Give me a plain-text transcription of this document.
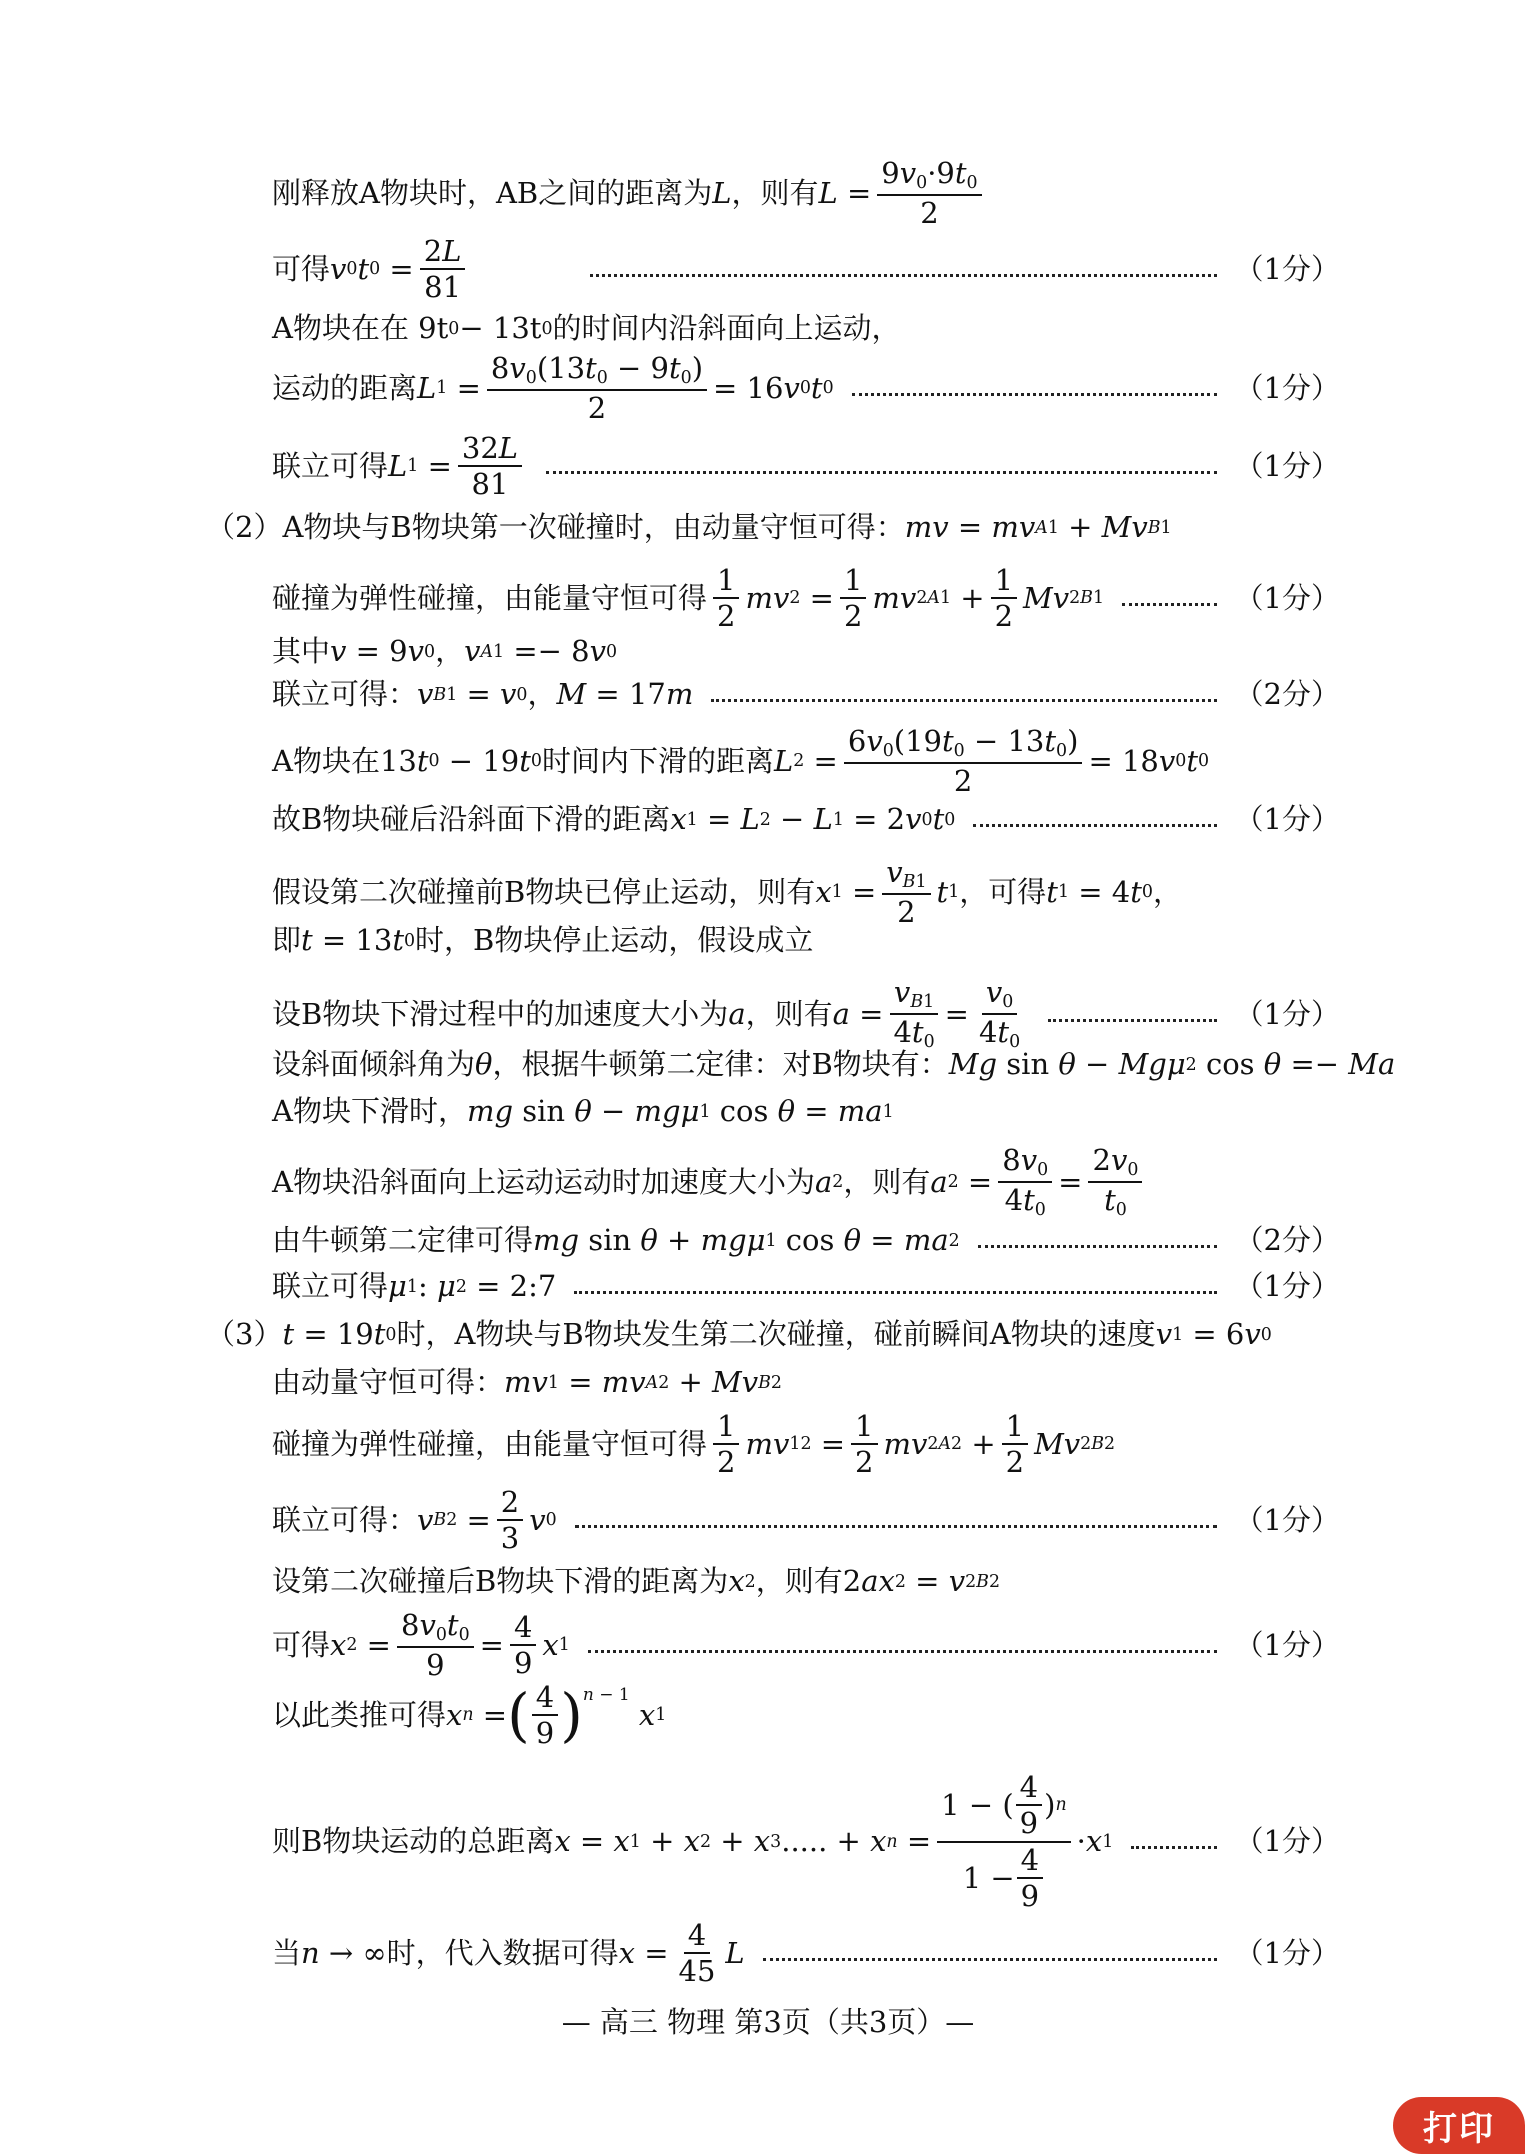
刚释放A物块时，AB之间的距离为 L ，则有 $L = \frac{9v_0\cdot 9t_0}{2}$
可得 v 0 t $0 = \frac{2L}{81}$	（1分）
A物块在在 9t 0 − 13t 0 的时间内沿斜面向上运动，
运动的距离 L $1 = \frac{8v_0(13t_0 - 9t_0)}{2} = 16$ v 0 t 0	（1分）
联立可得 L $1 = \frac{32L}{81}$	（1分）
（2） A物块与B物块第一次碰撞时，由动量守恒可得： mv = mv A1 + Mv B1
碰撞为弹性碰撞，由能量守恒可得 $\frac{1}{2}$ mv $2 = \frac{1}{2}$ mv 2 $A1 + \frac{1}{2}$ Mv 2 B1	（1分）
其中 v = 9 v 0 ， v A1 =− 8 v 0
联立可得： v B1 = v 0 ， M = 17 m	（2分）
A物块在 13 t 0 − 19 t 0 时间内下滑的距离 L $2 = \frac{6v_0(19t_0 - 13t_0)}{2} = 18$ v 0 t 0
故B物块碰后沿斜面下滑的距离 x 1 = L 2 − L 1 = 2 v 0 t 0	（1分）
假设第二次碰撞前B物块已停止运动，则有 x $1 = \frac{v_{B1}}{2}$ t 1 ，可得 t 1 = 4 t 0 ，
即 t = 13 t 0 时，B物块停止运动，假设成立
设B物块下滑过程中的加速度大小为 a ，则有 $a = \frac{v_{B1}}{4t_0} = \frac{v_0}{4t_0}$	（1分）
设斜面倾斜角为 θ ，根据牛顿第二定律：对B物块有： Mg sin θ − Mgμ 2 cos θ =− Ma
A物块下滑时， mg sin θ − mgμ 1 cos θ = ma 1
A物块沿斜面向上运动运动时加速度大小为 a 2 ，则有 a $2 = \frac{8v_0}{4t_0} = \frac{2v_0}{t_0}$
由牛顿第二定律可得 mg sin θ + mgμ 1 cos θ = ma 2	（2分）
联立可得 μ 1 : μ 2 = 2:7	（1分）
（3） t = 19 t 0 时，A物块与B物块发生第二次碰撞，碰前瞬间A物块的速度 v 1 = 6 v 0
由动量守恒可得： mv 1 = mv A2 + Mv B2
碰撞为弹性碰撞，由能量守恒可得 $\frac{1}{2}$ mv 1 $2 = \frac{1}{2}$ mv 2 $A2 + \frac{1}{2}$ Mv 2 B2
联立可得： v $B2 = \frac{2}{3}$ v 0	（1分）
设第二次碰撞后B物块下滑的距离为 x 2 ，则有 2 ax 2 = v 2 B2
可得 x $2 = \frac{8v_0t_0}{9} = \frac{4}{9}$ x 1	（1分）
以此类推可得 x n = ( $\frac{4}{9}$ ) n − 1

x 1
则B物块运动的总距离 x = x 1 + x 2 + x 3 ..... + x $n = \frac{1 - ( \frac{4}{9} ) n}{1 - \frac{4}{9}} \cdot x$ 1	（1分）
当 n → ∞ 时，代入数据可得 $x = \frac{4}{45}$ L	（1分）
— 高三 物理 第3页（共3页）—
打印
